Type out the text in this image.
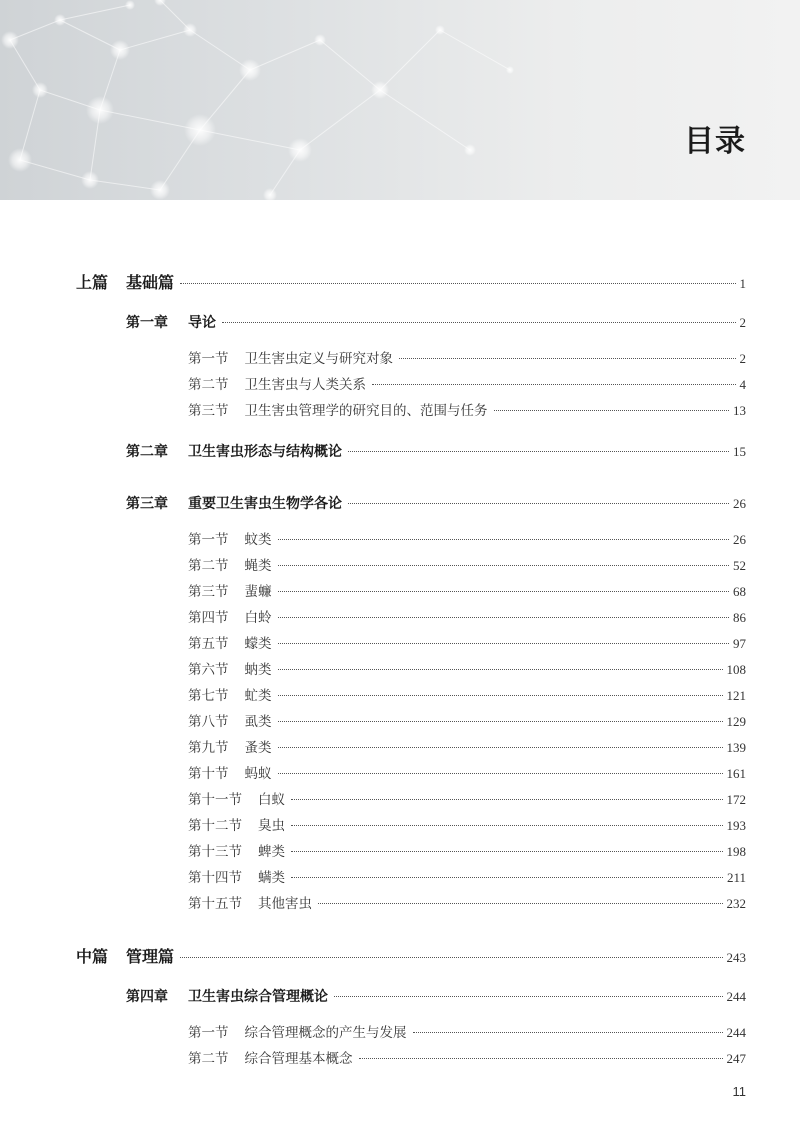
目录
上篇 基础篇	1
第一章 导论	2
第一节 卫生害虫定义与研究对象	2
第二节 卫生害虫与人类关系	4
第三节 卫生害虫管理学的研究目的、范围与任务	13
第二章 卫生害虫形态与结构概论	15
第三章 重要卫生害虫生物学各论	26
第一节 蚊类	26
第二节 蝇类	52
第三节 蜚蠊	68
第四节 白蛉	86
第五节 蠓类	97
第六节 蚋类	108
第七节 虻类	121
第八节 虱类	129
第九节 蚤类	139
第十节 蚂蚁	161
第十一节 白蚁	172
第十二节 臭虫	193
第十三节 蜱类	198
第十四节 螨类	211
第十五节 其他害虫	232
中篇 管理篇	243
第四章 卫生害虫综合管理概论	244
第一节 综合管理概念的产生与发展	244
第二节 综合管理基本概念	247
11
